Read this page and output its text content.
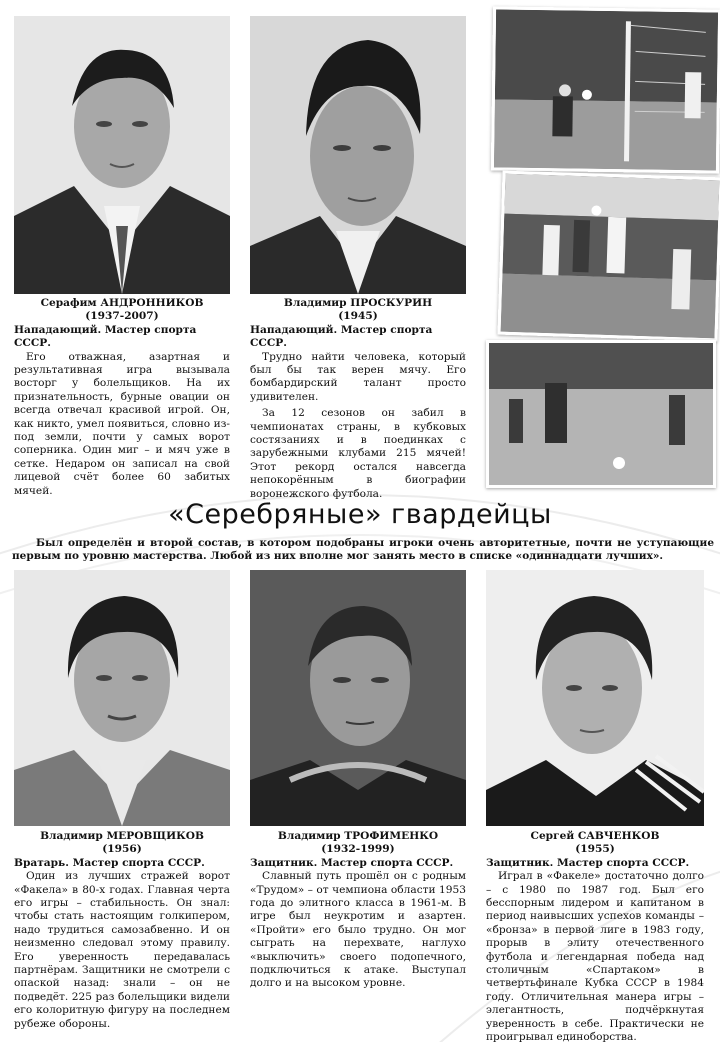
Серафим АНДРОННИКОВ
(1937-2007)
Нападающий. Мастер спорта СССР.

Его отважная, азартная и результативная игра вызывала восторг у болельщиков. На их признательность, бурные овации он всегда отвечал красивой игрой. Он, как никто, умел появиться, словно из-под земли, почти у самых ворот соперника. Один миг – и мяч уже в сетке. Недаром он записал на свой лицевой счёт более 60 забитых мячей.

Владимир ПРОСКУРИН
(1945)
Нападающий. Мастер спорта СССР.

Трудно найти человека, который был бы так верен мячу. Его бомбардирский талант просто удивителен.

За 12 сезонов он забил в чемпионатах страны, в кубковых состязаниях и в поединках с зарубежными клубами 215 мячей! Этот рекорд остался навсегда непокорённым в биографии воронежского футбола.

«Серебряные» гвардейцы
Был определён и второй состав, в котором подобраны игроки очень авторитетные, почти не уступающие первым по уровню мастерства. Любой из них вполне мог занять место в списке «одиннадцати лучших».
Владимир МЕРОВЩИКОВ
(1956)
Вратарь. Мастер спорта СССР.

Один из лучших стражей ворот «Факела» в 80-х годах. Главная черта его игры – стабильность. Он знал: чтобы стать настоящим голкипером, надо трудиться самозабвенно. И он неизменно следовал этому правилу. Его уверенность передавалась партнёрам. Защитники не смотрели с опаской назад: знали – он не подведёт. 225 раз болельщики видели его колоритную фигуру на последнем рубеже обороны.

Владимир ТРОФИМЕНКО
(1932-1999)
Защитник. Мастер спорта СССР.

Славный путь прошёл он с родным «Трудом» – от чемпиона области 1953 года до элитного класса в 1961-м. В игре был неукротим и азартен. «Пройти» его было трудно. Он мог сыграть на перехвате, наглухо «выключить» своего подопечного, подключиться к атаке. Выступал долго и на высоком уровне.

Сергей САВЧЕНКОВ
(1955)
Защитник. Мастер спорта СССР.

Играл в «Факеле» достаточно долго – с 1980 по 1987 год. Был его бесспорным лидером и капитаном в период наивысших успехов команды – «бронза» в первой лиге в 1983 году, прорыв в элиту отечественного футбола и легендарная победа над столичным «Спартаком» в четвертьфинале Кубка СССР в 1984 году. Отличительная манера игры – элегантность, подчёркнутая уверенность в себе. Практически не проигрывал единоборства.
